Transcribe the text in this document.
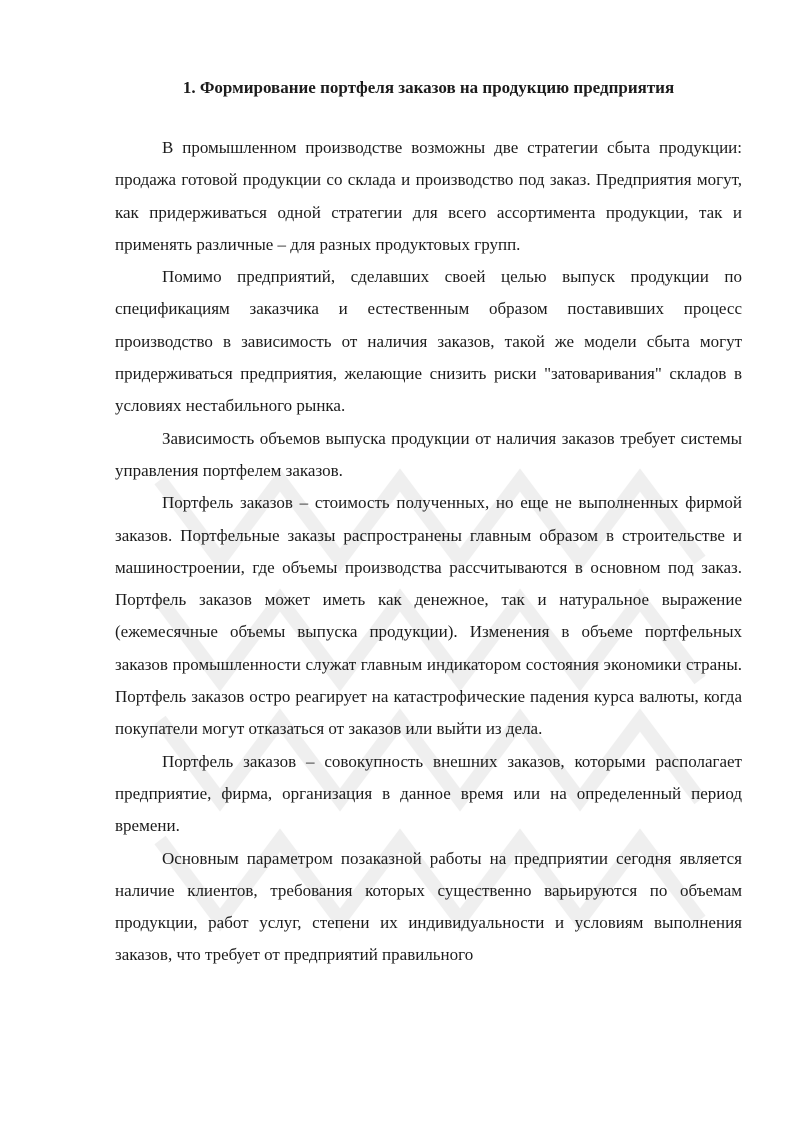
1. Формирование портфеля заказов на продукцию предприятия

В промышленном производстве возможны две стратегии сбыта продукции: продажа готовой продукции со склада и производство под заказ. Предприятия могут, как придерживаться одной стратегии для всего ассортимента продукции, так и применять различные – для разных продуктовых групп.

Помимо предприятий, сделавших своей целью выпуск продукции по спецификациям заказчика и естественным образом поставивших процесс производство в зависимость от наличия заказов, такой же модели сбыта могут придерживаться предприятия, желающие снизить риски "затоваривания" складов в условиях нестабильного рынка.

Зависимость объемов выпуска продукции от наличия заказов требует системы управления портфелем заказов.

Портфель заказов – стоимость полученных, но еще не выполненных фирмой заказов. Портфельные заказы распространены главным образом в строительстве и машиностроении, где объемы производства рассчитываются в основном под заказ. Портфель заказов может иметь как денежное, так и натуральное выражение (ежемесячные объемы выпуска продукции). Изменения в объеме портфельных заказов промышленности служат главным индикатором состояния экономики страны. Портфель заказов остро реагирует на катастрофические падения курса валюты, когда покупатели могут отказаться от заказов или выйти из дела.

Портфель заказов – совокупность внешних заказов, которыми располагает предприятие, фирма, организация в данное время или на определенный период времени.

Основным параметром позаказной работы на предприятии сегодня является наличие клиентов, требования которых существенно варьируются по объемам продукции, работ услуг, степени их индивидуальности и условиям выполнения заказов, что требует от предприятий правильного
